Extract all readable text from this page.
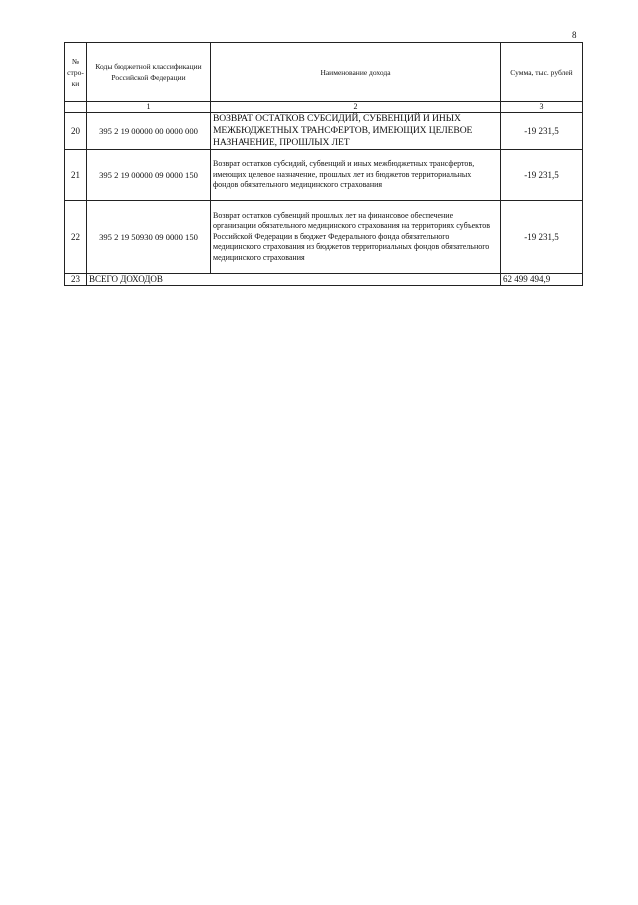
8
№ стро-ки	Коды бюджетной классификации Российской Федерации	Наименование дохода	Сумма, тыс. рублей
	1	2	3
20	395 2 19 00000 00 0000 000	ВОЗВРАТ ОСТАТКОВ СУБСИДИЙ, СУБВЕНЦИЙ И ИНЫХ МЕЖБЮДЖЕТНЫХ ТРАНСФЕРТОВ, ИМЕЮЩИХ ЦЕЛЕВОЕ НАЗНАЧЕНИЕ, ПРОШЛЫХ ЛЕТ	-19 231,5
21	395 2 19 00000 09 0000 150	Возврат остатков субсидий, субвенций и иных межбюджетных трансфертов, имеющих целевое назначение, прошлых лет из бюджетов территориальных фондов обязательного медицинского страхования	-19 231,5
22	395 2 19 50930 09 0000 150	Возврат остатков субвенций прошлых лет на финансовое обеспечение организации обязательного медицинского страхования на территориях субъектов Российской Федерации в бюджет Федерального фонда обязательного медицинского страхования из бюджетов территориальных фондов обязательного медицинского страхования	-19 231,5
23	ВСЕГО ДОХОДОВ		62 499 494,9
